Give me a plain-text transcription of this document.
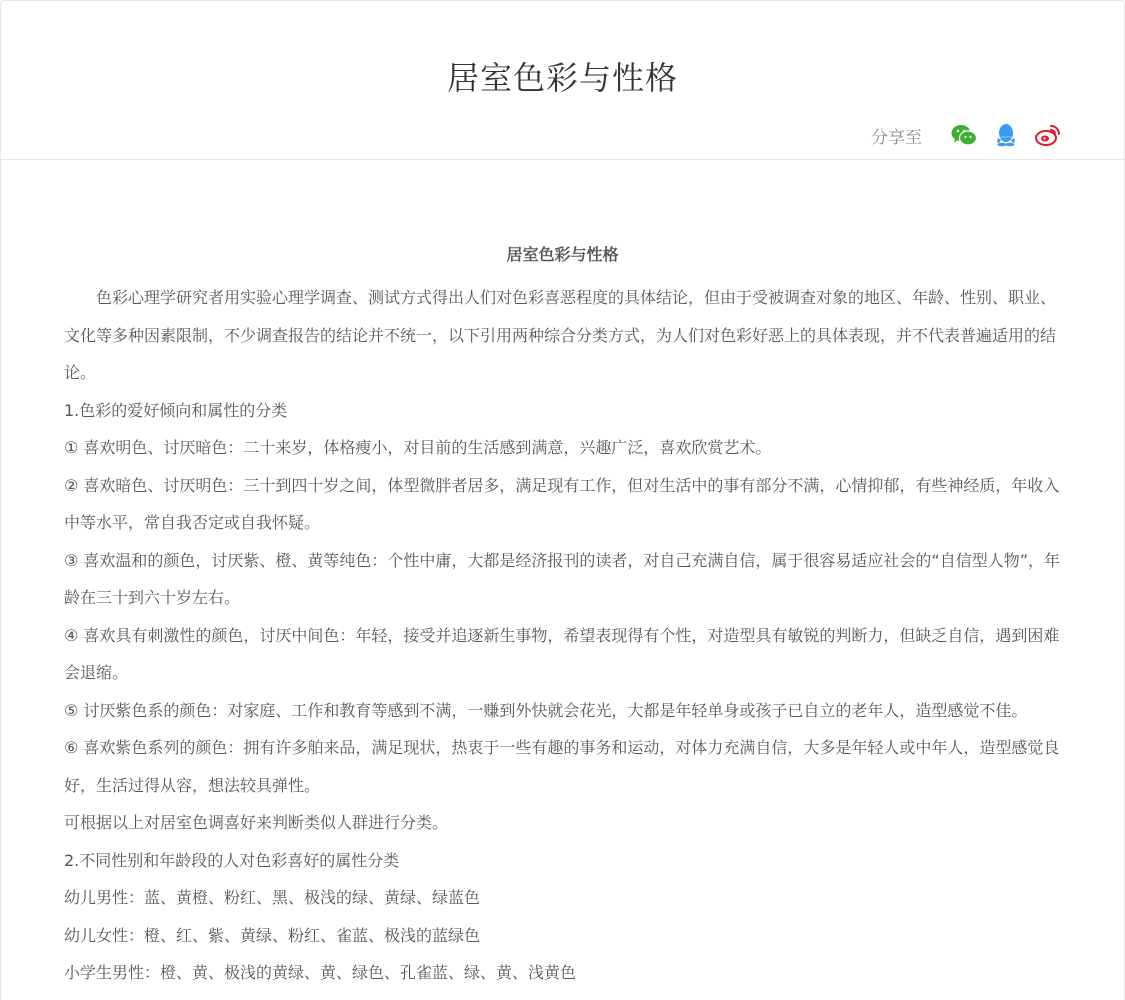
居室色彩与性格
分享至
居室色彩与性格

色彩心理学研究者用实验心理学调查、测试方式得出人们对色彩喜恶程度的具体结论，但由于受被调查对象的地区、年龄、性别、职业、文化等多种因素限制，不少调查报告的结论并不统一，以下引用两种综合分类方式，为人们对色彩好恶上的具体表现，并不代表普遍适用的结论。

1.色彩的爱好倾向和属性的分类

① 喜欢明色、讨厌暗色：二十来岁，体格瘦小，对目前的生活感到满意，兴趣广泛，喜欢欣赏艺术。

② 喜欢暗色、讨厌明色：三十到四十岁之间，体型微胖者居多，满足现有工作，但对生活中的事有部分不满，心情抑郁，有些神经质，年收入中等水平，常自我否定或自我怀疑。

③ 喜欢温和的颜色，讨厌紫、橙、黄等纯色：个性中庸，大都是经济报刊的读者，对自己充满自信，属于很容易适应社会的“自信型人物”，年龄在三十到六十岁左右。

④ 喜欢具有刺激性的颜色，讨厌中间色：年轻，接受并追逐新生事物，希望表现得有个性，对造型具有敏锐的判断力，但缺乏自信，遇到困难会退缩。

⑤ 讨厌紫色系的颜色：对家庭、工作和教育等感到不满，一赚到外快就会花光，大都是年轻单身或孩子已自立的老年人，造型感觉不佳。

⑥ 喜欢紫色系列的颜色：拥有许多舶来品，满足现状，热衷于一些有趣的事务和运动，对体力充满自信，大多是年轻人或中年人，造型感觉良好，生活过得从容，想法较具弹性。

可根据以上对居室色调喜好来判断类似人群进行分类。

2.不同性别和年龄段的人对色彩喜好的属性分类

幼儿男性：蓝、黄橙、粉红、黑、极浅的绿、黄绿、绿蓝色

幼儿女性：橙、红、紫、黄绿、粉红、雀蓝、极浅的蓝绿色

小学生男性：橙、黄、极浅的黄绿、黄、绿色、孔雀蓝、绿、黄、浅黄色
